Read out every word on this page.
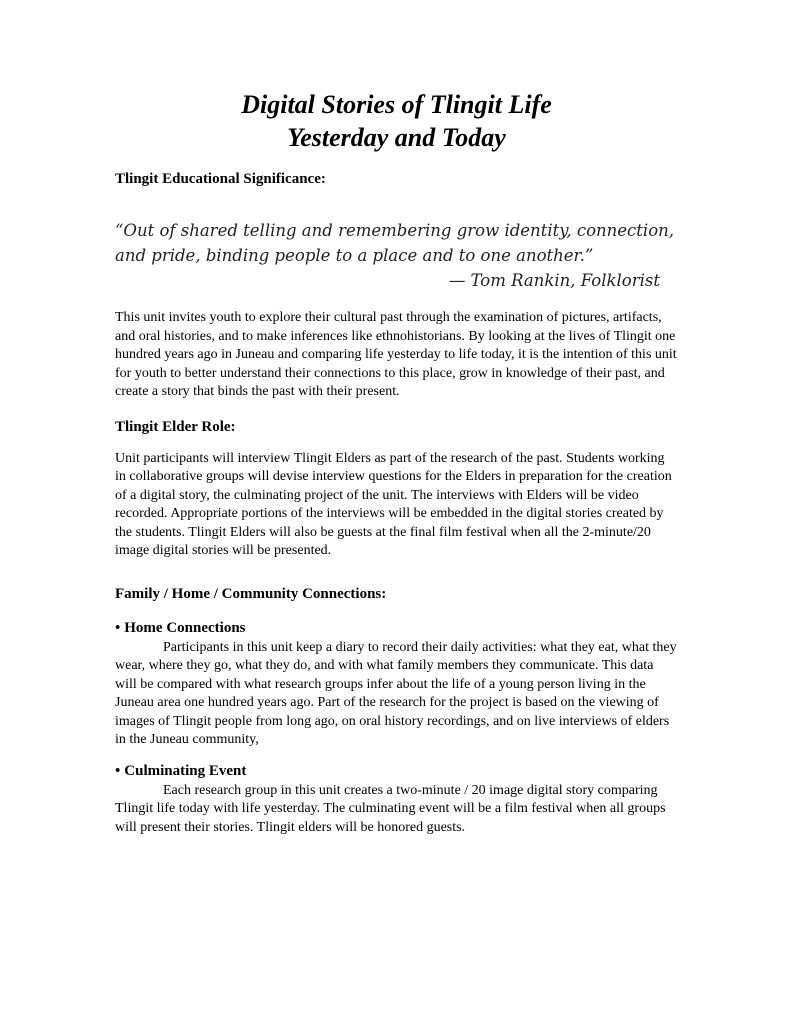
Digital Stories of Tlingit Life
Yesterday and Today
Tlingit Educational Significance:

“Out of shared telling and remembering grow identity, connection, and pride, binding people to a place and to one another.”

— Tom Rankin, Folklorist

This unit invites youth to explore their cultural past through the examination of pictures, artifacts, and oral histories, and to make inferences like ethnohistorians. By looking at the lives of Tlingit one hundred years ago in Juneau and comparing life yesterday to life today, it is the intention of this unit for youth to better understand their connections to this place, grow in knowledge of their past, and create a story that binds the past with their present.

Tlingit Elder Role:

Unit participants will interview Tlingit Elders as part of the research of the past. Students working in collaborative groups will devise interview questions for the Elders in preparation for the creation of a digital story, the culminating project of the unit. The interviews with Elders will be video recorded. Appropriate portions of the interviews will be embedded in the digital stories created by the students. Tlingit Elders will also be guests at the final film festival when all the 2-minute/20 image digital stories will be presented.

Family / Home / Community Connections:

• Home Connections

Participants in this unit keep a diary to record their daily activities: what they eat, what they wear, where they go, what they do, and with what family members they communicate. This data will be compared with what research groups infer about the life of a young person living in the Juneau area one hundred years ago. Part of the research for the project is based on the viewing of images of Tlingit people from long ago, on oral history recordings, and on live interviews of elders in the Juneau community,

• Culminating Event

Each research group in this unit creates a two-minute / 20 image digital story comparing Tlingit life today with life yesterday. The culminating event will be a film festival when all groups will present their stories. Tlingit elders will be honored guests.
